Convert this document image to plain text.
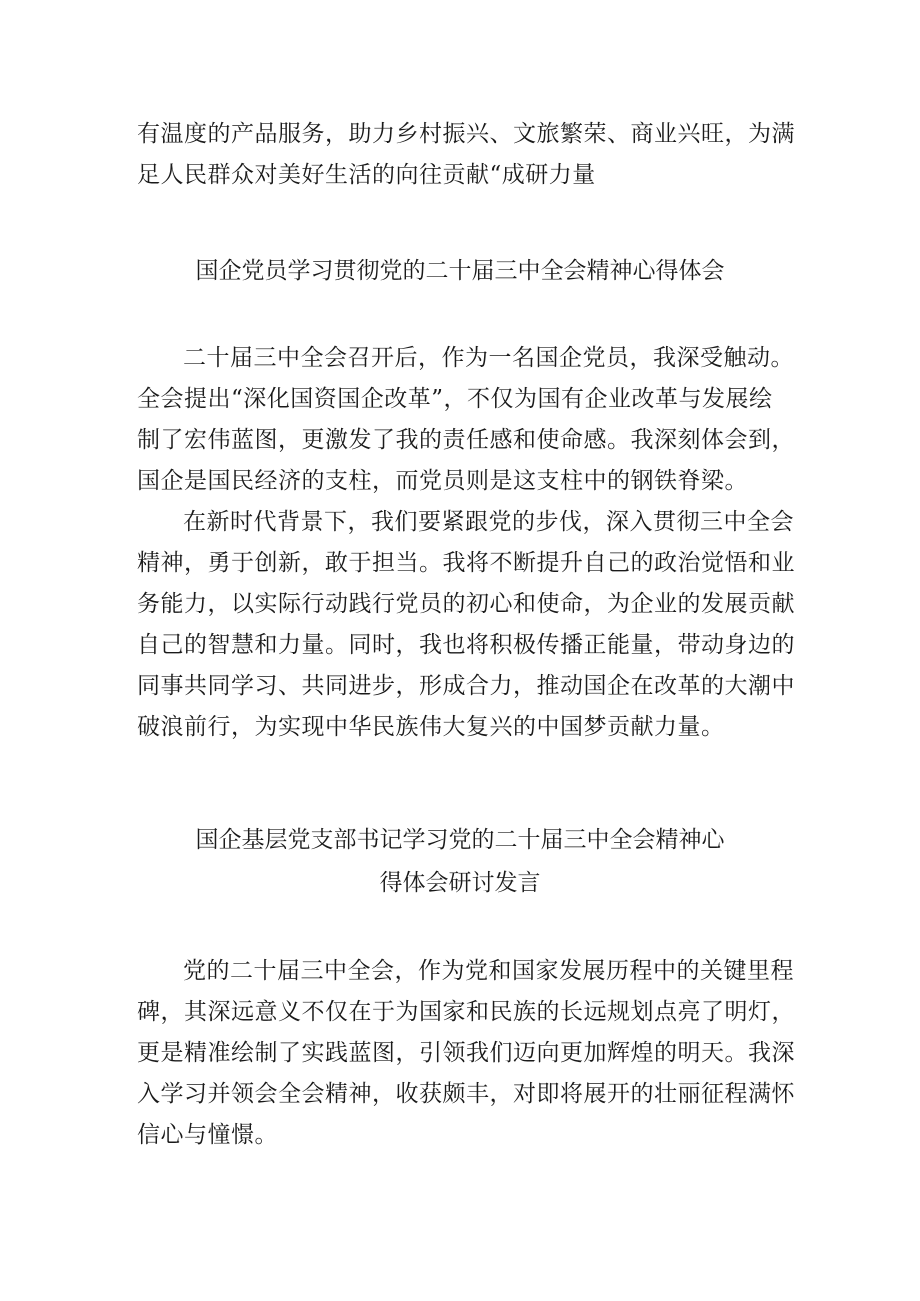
有温度的产品服务，助力乡村振兴、文旅繁荣、商业兴旺，为满
足人民群众对美好生活的向往贡献“成研力量
国企党员学习贯彻党的二十届三中全会精神心得体会
二十届三中全会召开后，作为一名国企党员，我深受触动。
全会提出“深化国资国企改革”，不仅为国有企业改革与发展绘
制了宏伟蓝图，更激发了我的责任感和使命感。我深刻体会到，
国企是国民经济的支柱，而党员则是这支柱中的钢铁脊梁。
在新时代背景下，我们要紧跟党的步伐，深入贯彻三中全会
精神，勇于创新，敢于担当。我将不断提升自己的政治觉悟和业
务能力，以实际行动践行党员的初心和使命，为企业的发展贡献
自己的智慧和力量。同时，我也将积极传播正能量，带动身边的
同事共同学习、共同进步，形成合力，推动国企在改革的大潮中
破浪前行，为实现中华民族伟大复兴的中国梦贡献力量。
国企基层党支部书记学习党的二十届三中全会精神心
得体会研讨发言
党的二十届三中全会，作为党和国家发展历程中的关键里程
碑，其深远意义不仅在于为国家和民族的长远规划点亮了明灯，
更是精准绘制了实践蓝图，引领我们迈向更加辉煌的明天。我深
入学习并领会全会精神，收获颇丰，对即将展开的壮丽征程满怀
信心与憧憬。
